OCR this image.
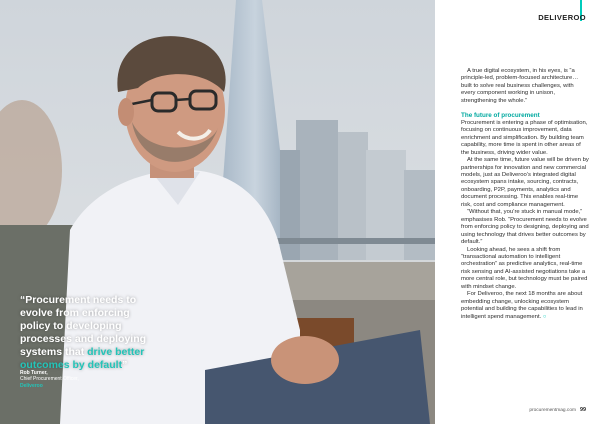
“Procurement needs to evolve from enforcing policy to developing processes and deploying systems that drive better outcomes by default”
Rob Turner,
Chief Procurement Officer,
Deliveroo
DELIVEROO

A true digital ecosystem, in his eyes, is “a principle-led, problem-focused architecture… built to solve real business challenges, with every component working in unison, strengthening the whole.”

The future of procurement

Procurement is entering a phase of optimisation, focusing on continuous improvement, data enrichment and simplification. By building team capability, more time is spent in other areas of the business, driving wider value.

At the same time, future value will be driven by partnerships for innovation and new commercial models, just as Deliveroo’s integrated digital ecosystem spans intake, sourcing, contracts, onboarding, P2P, payments, analytics and document processing. This enables real-time risk, cost and compliance management.

“Without that, you’re stuck in manual mode,” emphasises Rob. “Procurement needs to evolve from enforcing policy to designing, deploying and using technology that drives better outcomes by default.”

Looking ahead, he sees a shift from “transactional automation to intelligent orchestration” as predictive analytics, real-time risk sensing and AI-assisted negotiations take a more central role, but technology must be paired with mindset change.

For Deliveroo, the next 18 months are about embedding change, unlocking ecosystem potential and building the capabilities to lead in intelligent spend management. ○

procurementmag.com 99
